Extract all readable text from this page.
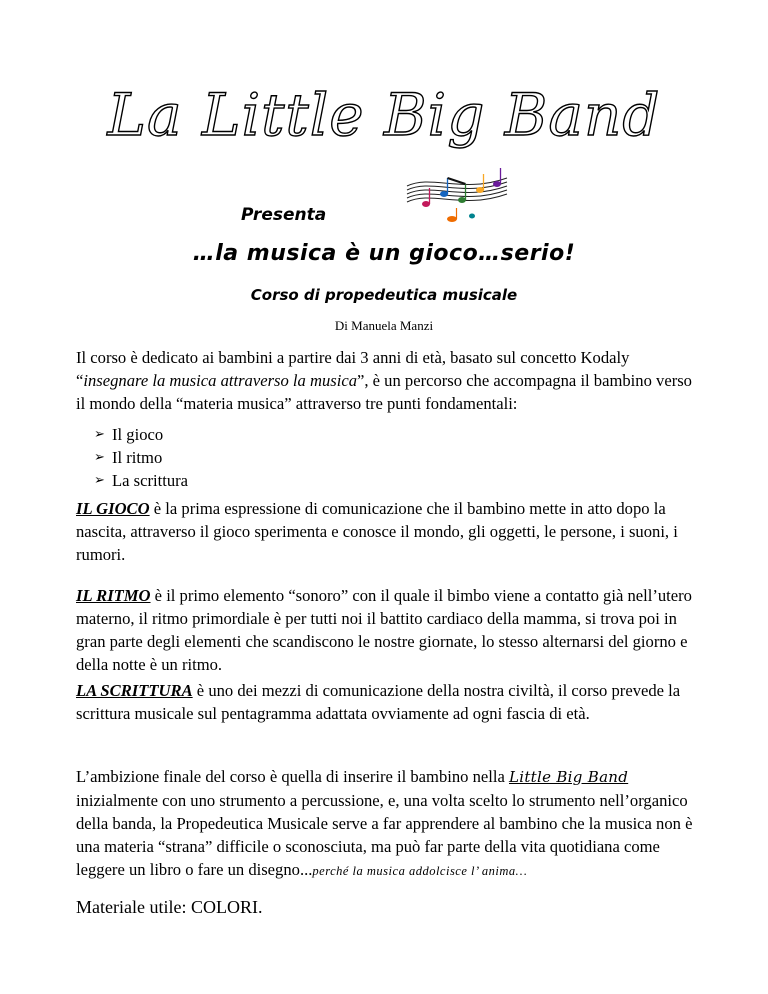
La Little Big Band
Presenta
…la musica è un gioco…serio!
Corso di propedeutica musicale
Di Manuela Manzi
Il corso è dedicato ai bambini a partire dai 3 anni di età, basato sul concetto Kodaly “insegnare la musica attraverso la musica”, è un percorso che accompagna il bambino verso il mondo della “materia musica” attraverso tre punti fondamentali:
➢ Il gioco
➢ Il ritmo
➢ La scrittura
IL GIOCO è la prima espressione di comunicazione che il bambino mette in atto dopo la nascita, attraverso il gioco sperimenta e conosce il mondo, gli oggetti, le persone, i suoni, i rumori.
IL RITMO è il primo elemento “sonoro” con il quale il bimbo viene a contatto già nell’utero materno, il ritmo primordiale è per tutti noi il battito cardiaco della mamma, si trova poi in gran parte degli elementi che scandiscono le nostre giornate, lo stesso alternarsi del giorno e della notte è un ritmo.
LA SCRITTURA è uno dei mezzi di comunicazione della nostra civiltà, il corso prevede la scrittura musicale sul pentagramma adattata ovviamente ad ogni fascia di età.
L’ambizione finale del corso è quella di inserire il bambino nella Little Big Band inizialmente con uno strumento a percussione, e, una volta scelto lo strumento nell’organico della banda, la Propedeutica Musicale serve a far apprendere al bambino che la musica non è una materia “strana” difficile o sconosciuta, ma può far parte della vita quotidiana come leggere un libro o fare un disegno...perché la musica addolcisce l’ anima…
Materiale utile: COLORI.
